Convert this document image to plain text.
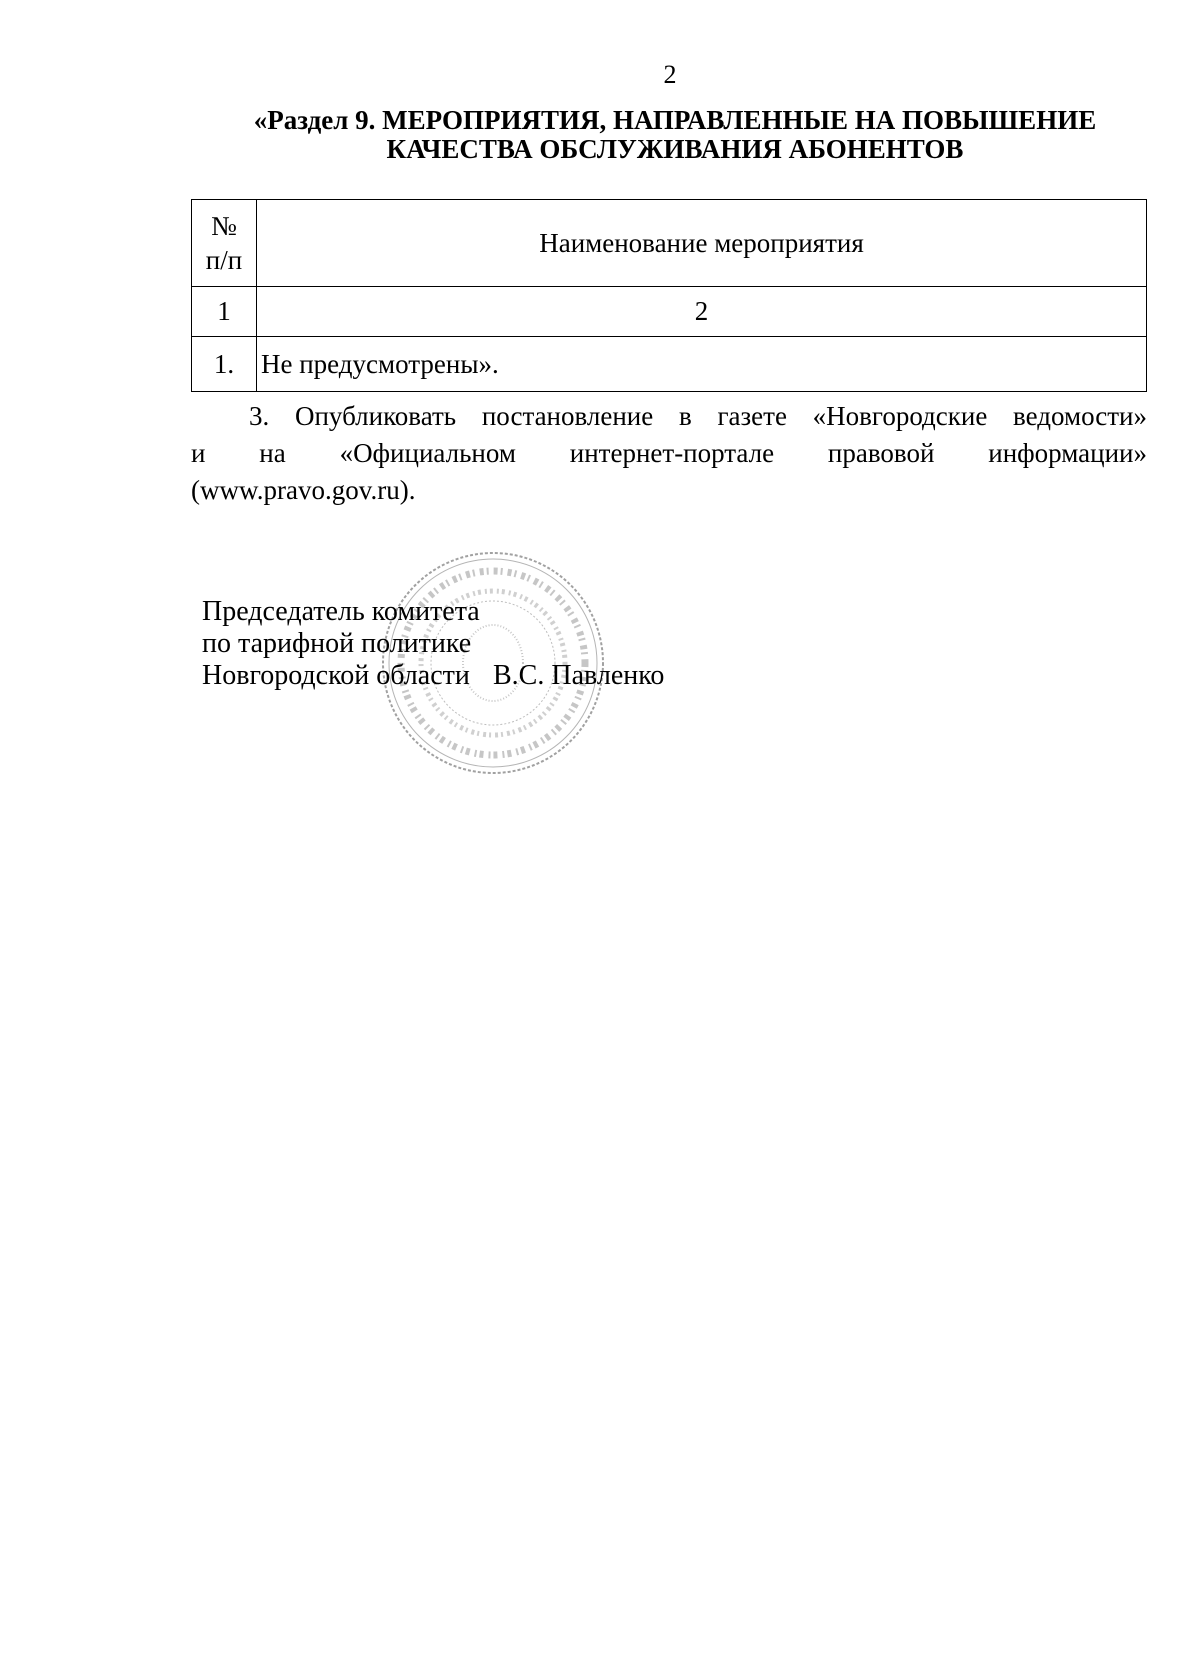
2
«Раздел 9. МЕРОПРИЯТИЯ, НАПРАВЛЕННЫЕ НА ПОВЫШЕНИЕ
КАЧЕСТВА ОБСЛУЖИВАНИЯ АБОНЕНТОВ
№
п/п	Наименование мероприятия
1	2
1.	Не предусмотрены».
3. Опубликовать постановление в газете «Новгородские ведомости»
и на «Официальном интернет-портале правовой информации»
(www.pravo.gov.ru).
Председатель комитета
по тарифной политике
Новгородской области В.С. Павленко
